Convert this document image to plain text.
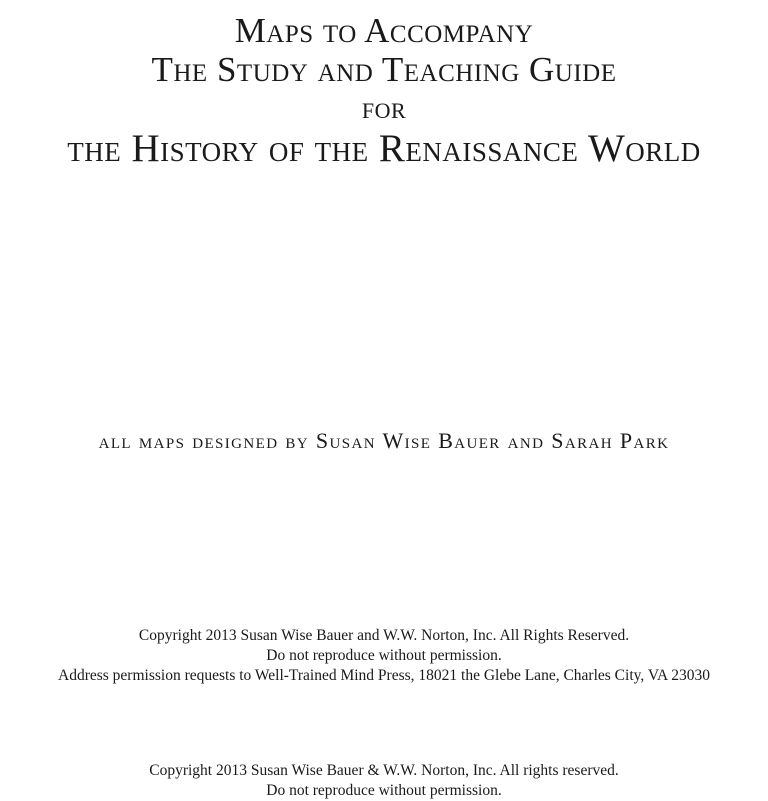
Maps to Accompany
The Study and Teaching Guide
for
the History of the Renaissance World
all maps designed by Susan Wise Bauer and Sarah Park
Copyright 2013 Susan Wise Bauer and W.W. Norton, Inc. All Rights Reserved.
Do not reproduce without permission.
Address permission requests to Well-Trained Mind Press, 18021 the Glebe Lane, Charles City, VA 23030
Copyright 2013 Susan Wise Bauer & W.W. Norton, Inc. All rights reserved.
Do not reproduce without permission.
